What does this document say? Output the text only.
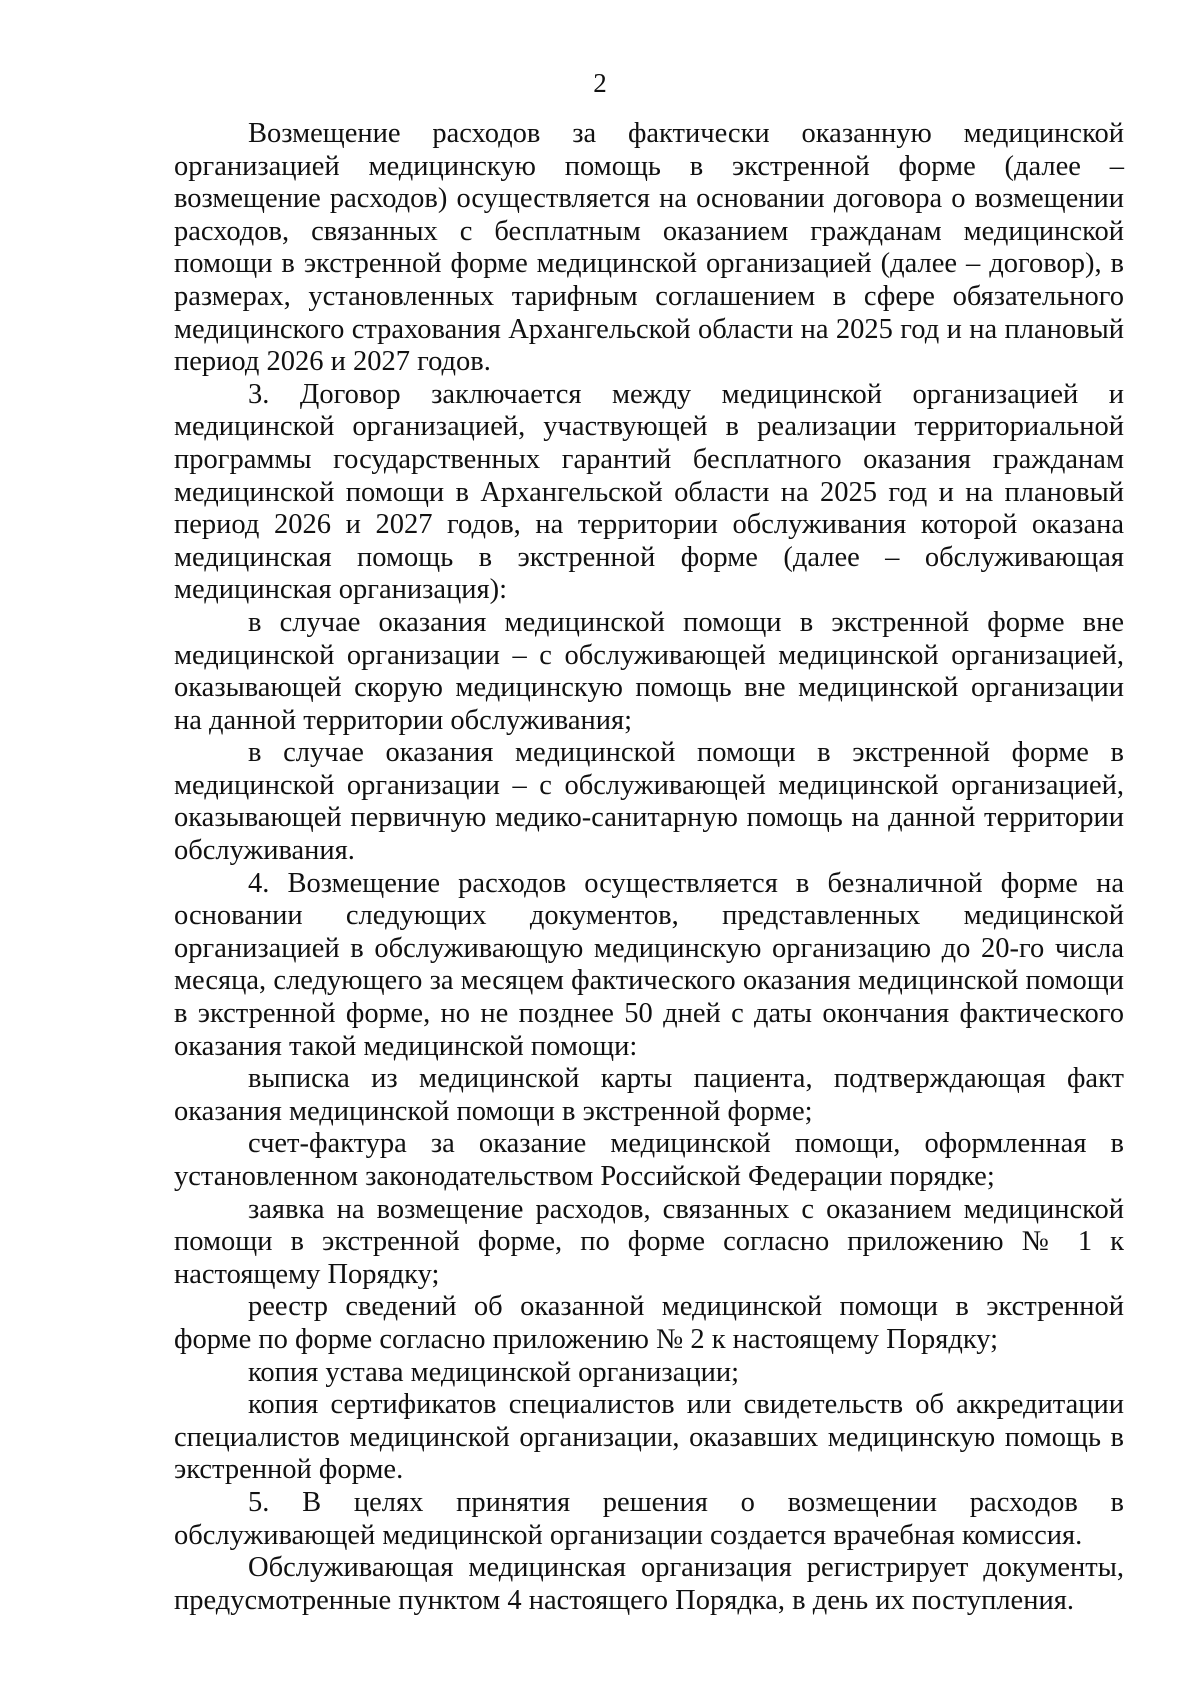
2

Возмещение расходов за фактически оказанную медицинской организацией медицинскую помощь в экстренной форме (далее – возмещение расходов) осуществляется на основании договора о возмещении расходов, связанных с бесплатным оказанием гражданам медицинской помощи в экстренной форме медицинской организацией (далее – договор), в размерах, установленных тарифным соглашением в сфере обязательного медицинского страхования Архангельской области на 2025 год и на плановый период 2026 и 2027 годов.

3. Договор заключается между медицинской организацией и медицинской организацией, участвующей в реализации территориальной программы государственных гарантий бесплатного оказания гражданам медицинской помощи в Архангельской области на 2025 год и на плановый период 2026 и 2027 годов, на территории обслуживания которой оказана медицинская помощь в экстренной форме (далее – обслуживающая медицинская организация):

в случае оказания медицинской помощи в экстренной форме вне медицинской организации – с обслуживающей медицинской организацией, оказывающей скорую медицинскую помощь вне медицинской организации на данной территории обслуживания;

в случае оказания медицинской помощи в экстренной форме в медицинской организации – с обслуживающей медицинской организацией, оказывающей первичную медико-санитарную помощь на данной территории обслуживания.

4. Возмещение расходов осуществляется в безналичной форме на основании следующих документов, представленных медицинской организацией в обслуживающую медицинскую организацию до 20-го числа месяца, следующего за месяцем фактического оказания медицинской помощи в экстренной форме, но не позднее 50 дней с даты окончания фактического оказания такой медицинской помощи:

выписка из медицинской карты пациента, подтверждающая факт оказания медицинской помощи в экстренной форме;

счет-фактура за оказание медицинской помощи, оформленная в установленном законодательством Российской Федерации порядке;

заявка на возмещение расходов, связанных с оказанием медицинской помощи в экстренной форме, по форме согласно приложению № 1 к настоящему Порядку;

реестр сведений об оказанной медицинской помощи в экстренной форме по форме согласно приложению № 2 к настоящему Порядку;

копия устава медицинской организации;

копия сертификатов специалистов или свидетельств об аккредитации специалистов медицинской организации, оказавших медицинскую помощь в экстренной форме.

5. В целях принятия решения о возмещении расходов в обслуживающей медицинской организации создается врачебная комиссия.

Обслуживающая медицинская организация регистрирует документы, предусмотренные пунктом 4 настоящего Порядка, в день их поступления.
